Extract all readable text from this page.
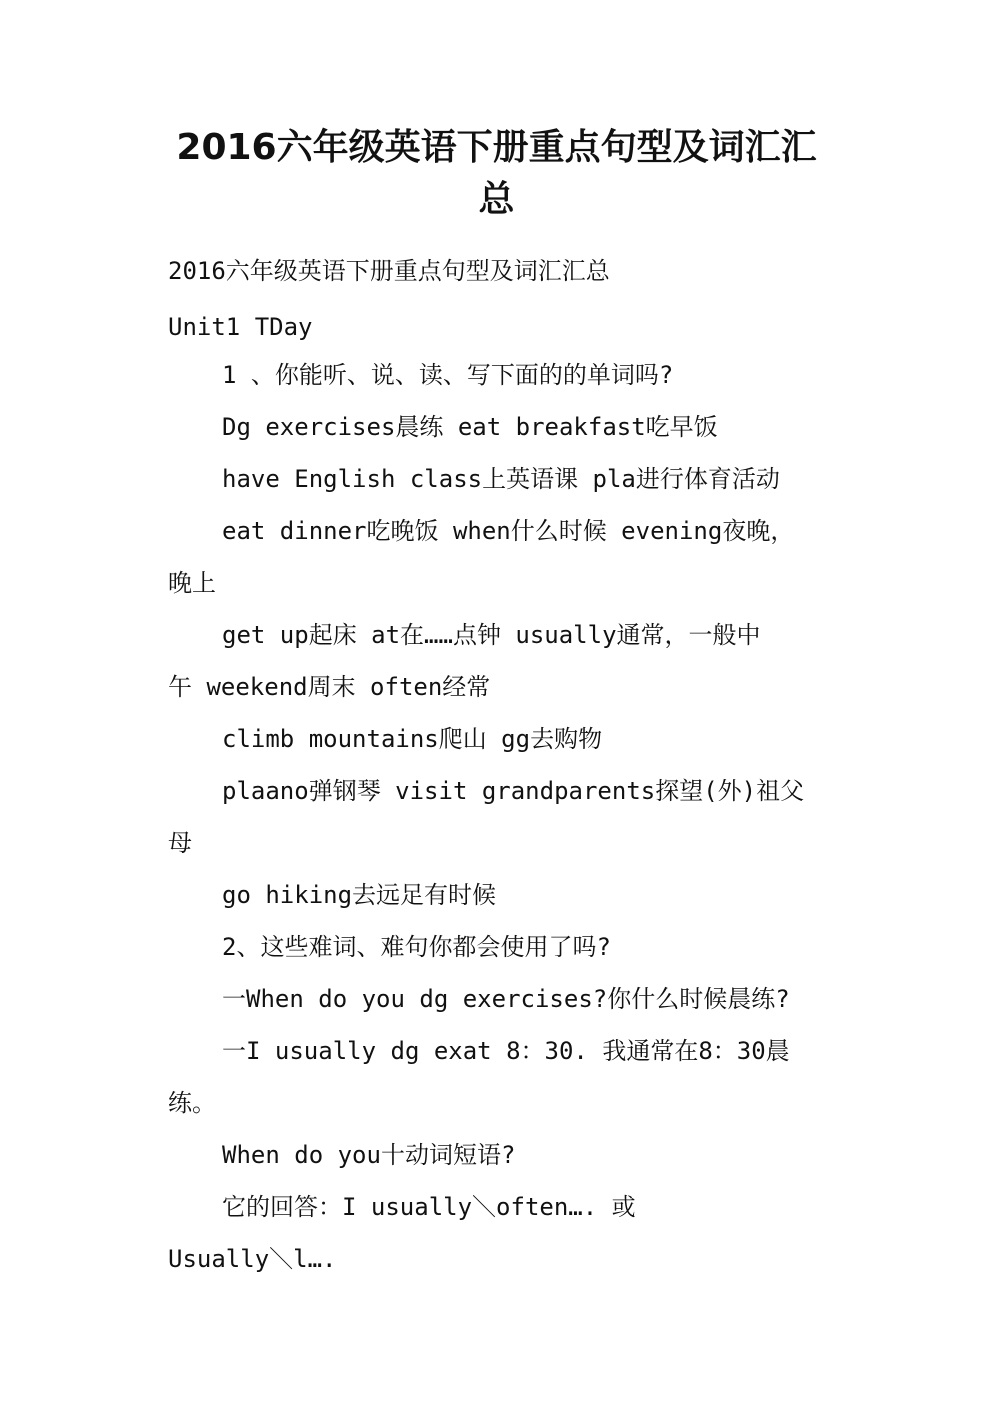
2016六年级英语下册重点句型及词汇汇
总
2016六年级英语下册重点句型及词汇汇总
Unit1 TDay
1 、你能听、说、读、写下面的的单词吗?
Dg exercises晨练 eat breakfast吃早饭
have English class上英语课 pla进行体育活动
eat dinner吃晚饭 when什么时候 evening夜晚，
晚上
get up起床 at在……点钟 usually通常，一般中
午 weekend周末 often经常
climb mountains爬山 gg去购物
plaano弹钢琴 visit grandparents探望(外)祖父
母
go hiking去远足有时候
2、这些难词、难句你都会使用了吗?
一When do you dg exercises?你什么时候晨练?
一I usually dg exat 8：30. 我通常在8：30晨
练。
When do you十动词短语?
它的回答：I usually＼often…. 或
Usually＼l….
